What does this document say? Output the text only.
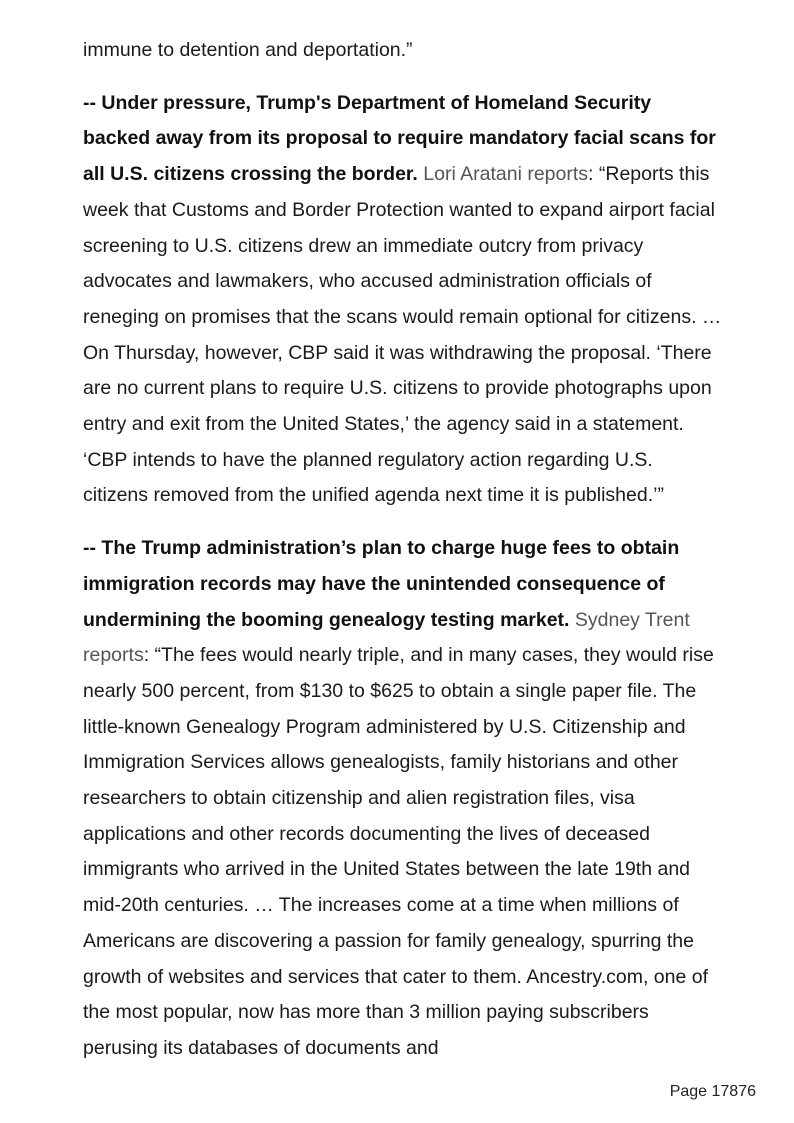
immune to detention and deportation.”

-- Under pressure, Trump's Department of Homeland Security backed away from its proposal to require mandatory facial scans for all U.S. citizens crossing the border. Lori Aratani reports: “Reports this week that Customs and Border Protection wanted to expand airport facial screening to U.S. citizens drew an immediate outcry from privacy advocates and lawmakers, who accused administration officials of reneging on promises that the scans would remain optional for citizens. … On Thursday, however, CBP said it was withdrawing the proposal. ‘There are no current plans to require U.S. citizens to provide photographs upon entry and exit from the United States,’ the agency said in a statement. ‘CBP intends to have the planned regulatory action regarding U.S. citizens removed from the unified agenda next time it is published.’”

-- The Trump administration’s plan to charge huge fees to obtain immigration records may have the unintended consequence of undermining the booming genealogy testing market. Sydney Trent reports: “The fees would nearly triple, and in many cases, they would rise nearly 500 percent, from $130 to $625 to obtain a single paper file. The little-known Genealogy Program administered by U.S. Citizenship and Immigration Services allows genealogists, family historians and other researchers to obtain citizenship and alien registration files, visa applications and other records documenting the lives of deceased immigrants who arrived in the United States between the late 19th and mid-20th centuries. … The increases come at a time when millions of Americans are discovering a passion for family genealogy, spurring the growth of websites and services that cater to them. Ancestry.com, one of the most popular, now has more than 3 million paying subscribers perusing its databases of documents and

Page 17876
